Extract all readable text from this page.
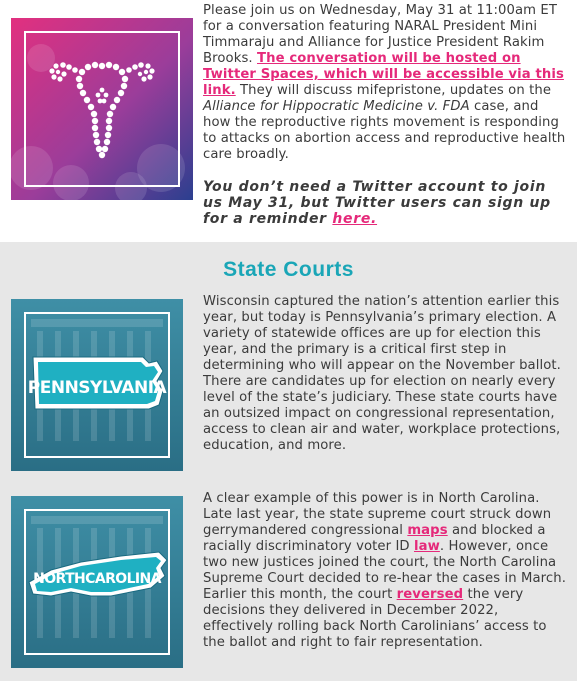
Please join us on Wednesday, May 31 at 11:00am ET for a conversation featuring NARAL President Mini Timmaraju and Alliance for Justice President Rakim Brooks. The conversation will be hosted on Twitter Spaces, which will be accessible via this link. They will discuss mifepristone, updates on the Alliance for Hippocratic Medicine v. FDA case, and how the reproductive rights movement is responding to attacks on abortion access and reproductive health care broadly.
You don’t need a Twitter account to join us May 31, but Twitter users can sign up for a reminder here.
State Courts
PENNSYLVANIA
Wisconsin captured the nation’s attention earlier this year, but today is Pennsylvania’s primary election. A variety of statewide offices are up for election this year, and the primary is a critical first step in determining who will appear on the November ballot. There are candidates up for election on nearly every level of the state’s judiciary. These state courts have an outsized impact on congressional representation, access to clean air and water, workplace protections, education, and more.
NORTHCAROLINA
A clear example of this power is in North Carolina. Late last year, the state supreme court struck down gerrymandered congressional maps and blocked a racially discriminatory voter ID law. However, once two new justices joined the court, the North Carolina Supreme Court decided to re-hear the cases in March. Earlier this month, the court reversed the very decisions they delivered in December 2022, effectively rolling back North Carolinians’ access to the ballot and right to fair representation.
